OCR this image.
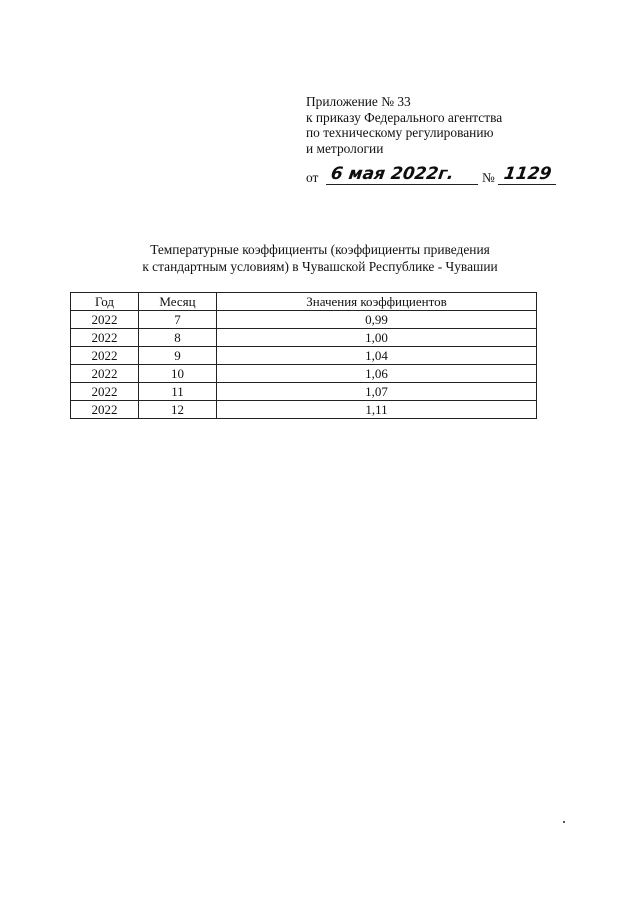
Приложение № 33
к приказу Федерального агентства
по техническому регулированию
и метрологии
от 6 мая 2022г. № 1129
Температурные коэффициенты (коэффициенты приведения
к стандартным условиям) в Чувашской Республике - Чувашии
Год	Месяц	Значения коэффициентов
2022	7	0,99
2022	8	1,00
2022	9	1,04
2022	10	1,06
2022	11	1,07
2022	12	1,11
